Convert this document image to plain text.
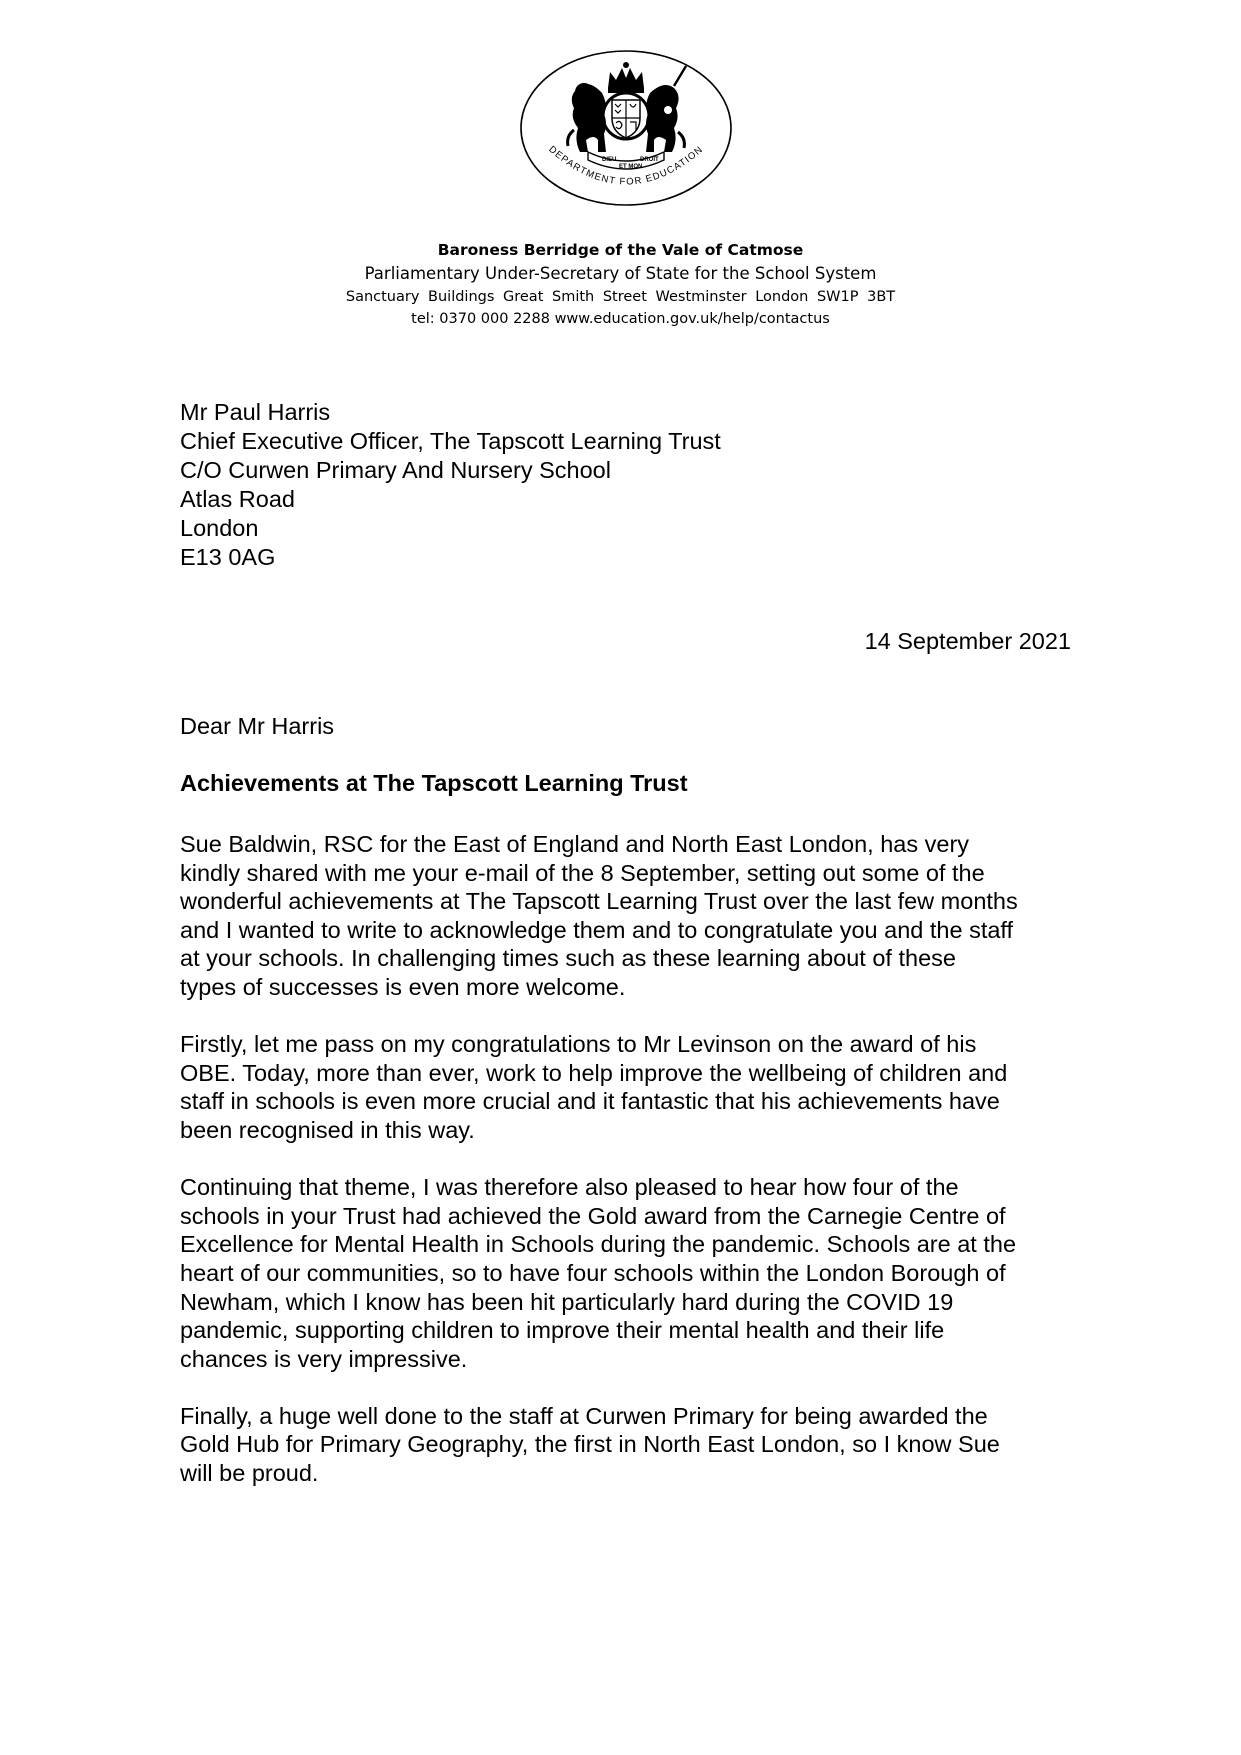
DIEU
ET MON
DROIT
DEPARTMENT FOR EDUCATION
Baroness Berridge of the Vale of Catmose
Parliamentary Under-Secretary of State for the School System
Sanctuary Buildings Great Smith Street Westminster London SW1P 3BT
tel: 0370 000 2288 www.education.gov.uk/help/contactus
Mr Paul Harris
Chief Executive Officer, The Tapscott Learning Trust
C/O Curwen Primary And Nursery School
Atlas Road
London
E13 0AG
14 September 2021
Dear Mr Harris
Achievements at The Tapscott Learning Trust

Sue Baldwin, RSC for the East of England and North East London, has very
kindly shared with me your e-mail of the 8 September, setting out some of the
wonderful achievements at The Tapscott Learning Trust over the last few months
and I wanted to write to acknowledge them and to congratulate you and the staff
at your schools. In challenging times such as these learning about of these
types of successes is even more welcome.

Firstly, let me pass on my congratulations to Mr Levinson on the award of his
OBE. Today, more than ever, work to help improve the wellbeing of children and
staff in schools is even more crucial and it fantastic that his achievements have
been recognised in this way.

Continuing that theme, I was therefore also pleased to hear how four of the
schools in your Trust had achieved the Gold award from the Carnegie Centre of
Excellence for Mental Health in Schools during the pandemic. Schools are at the
heart of our communities, so to have four schools within the London Borough of
Newham, which I know has been hit particularly hard during the COVID 19
pandemic, supporting children to improve their mental health and their life
chances is very impressive.

Finally, a huge well done to the staff at Curwen Primary for being awarded the
Gold Hub for Primary Geography, the first in North East London, so I know Sue
will be proud.
